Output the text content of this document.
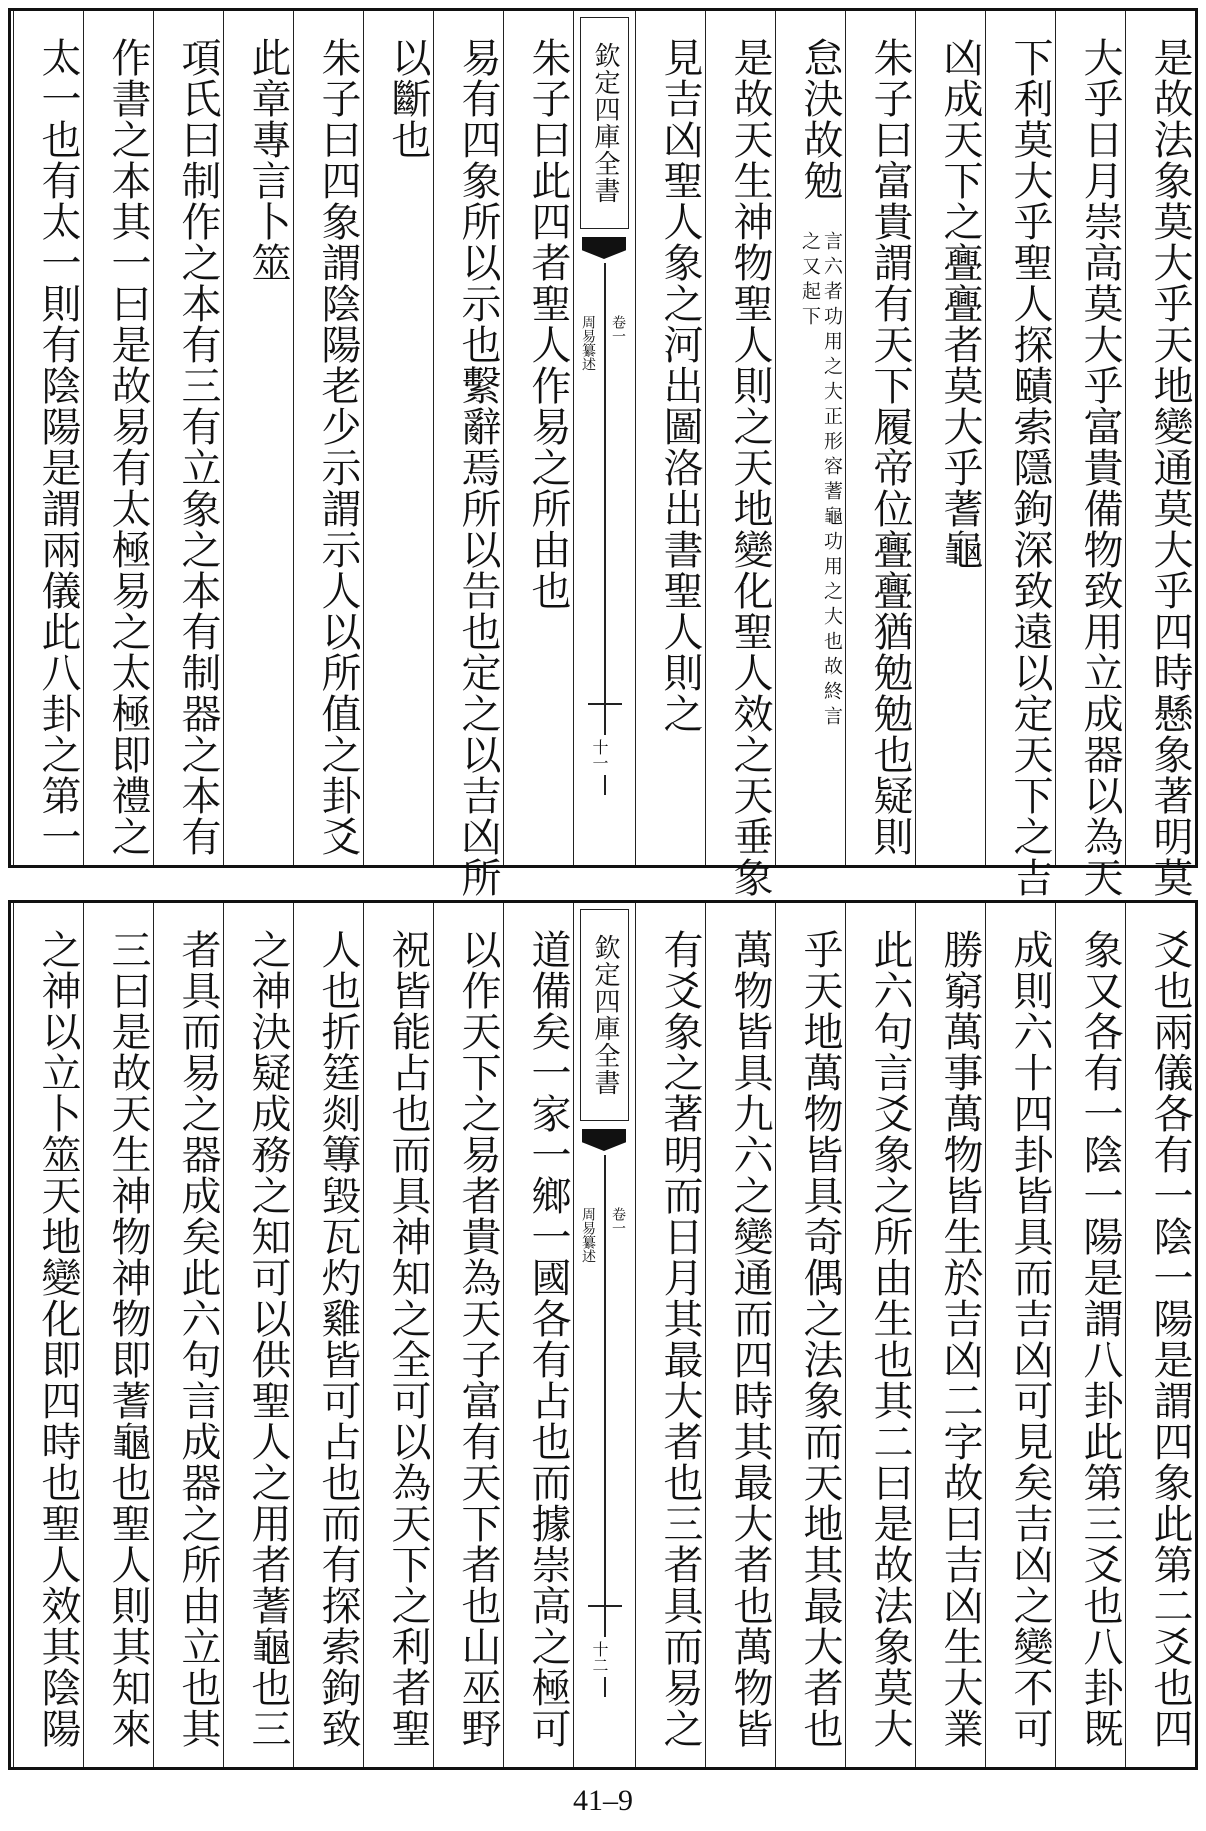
是故法象莫大乎天地變通莫大乎四時懸象著明莫
大乎日月崇高莫大乎富貴備物致用立成器以為天
下利莫大乎聖人探賾索隱鉤深致遠以定天下之吉
凶成天下之亹亹者莫大乎蓍龜
朱子曰富貴謂有天下履帝位亹亹猶勉勉也疑則
怠決故勉
言六者功用之大正形容蓍龜功用之大也故終言之又起下
是故天生神物聖人則之天地變化聖人效之天垂象
見吉凶聖人象之河出圖洛出書聖人則之
欽定四庫全書
周易纂述 卷一
十一
朱子曰此四者聖人作易之所由也
易有四象所以示也繫辭焉所以告也定之以吉凶所
以斷也
朱子曰四象謂陰陽老少示謂示人以所值之卦爻
此章專言卜筮
項氏曰制作之本有三有立象之本有制器之本有
作書之本其一曰是故易有太極易之太極即禮之
太一也有太一則有陰陽是謂兩儀此八卦之第一
爻也兩儀各有一陰一陽是謂四象此第二爻也四
象又各有一陰一陽是謂八卦此第三爻也八卦既
成則六十四卦皆具而吉凶可見矣吉凶之變不可
勝窮萬事萬物皆生於吉凶二字故曰吉凶生大業
此六句言爻象之所由生也其二曰是故法象莫大
乎天地萬物皆具奇偶之法象而天地其最大者也
萬物皆具九六之變通而四時其最大者也萬物皆
有爻象之著明而日月其最大者也三者具而易之
欽定四庫全書
周易纂述 卷一
十二
道備矣一家一鄉一國各有占也而據崇高之極可
以作天下之易者貴為天子富有天下者也山巫野
祝皆能占也而具神知之全可以為天下之利者聖
人也折筳剡篿毀瓦灼雞皆可占也而有探索鉤致
之神決疑成務之知可以供聖人之用者蓍龜也三
者具而易之器成矣此六句言成器之所由立也其
三曰是故天生神物神物即蓍龜也聖人則其知來
之神以立卜筮天地變化即四時也聖人效其陰陽
41–9
